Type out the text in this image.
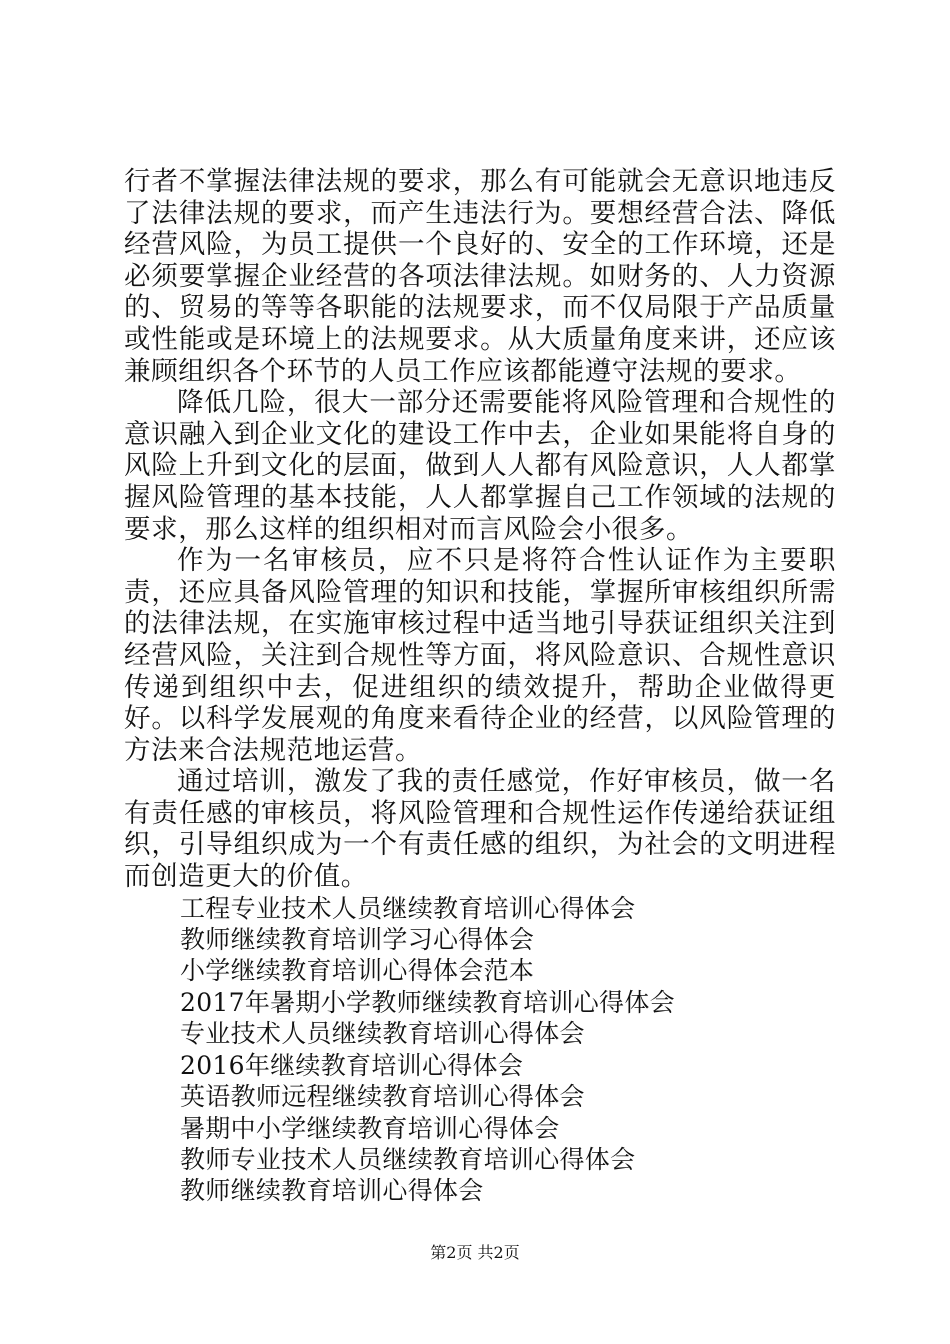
行者不掌握法律法规的要求，那么有可能就会无意识地违反了法律法规的要求，而产生违法行为。要想经营合法、降低经营风险，为员工提供一个良好的、安全的工作环境，还是必须要掌握企业经营的各项法律法规。如财务的、人力资源的、贸易的等等各职能的法规要求，而不仅局限于产品质量或性能或是环境上的法规要求。从大质量角度来讲，还应该兼顾组织各个环节的人员工作应该都能遵守法规的要求。

降低几险，很大一部分还需要能将风险管理和合规性的意识融入到企业文化的建设工作中去，企业如果能将自身的风险上升到文化的层面，做到人人都有风险意识，人人都掌握风险管理的基本技能，人人都掌握自己工作领域的法规的要求，那么这样的组织相对而言风险会小很多。

作为一名审核员，应不只是将符合性认证作为主要职责，还应具备风险管理的知识和技能，掌握所审核组织所需的法律法规，在实施审核过程中适当地引导获证组织关注到经营风险，关注到合规性等方面，将风险意识、合规性意识传递到组织中去，促进组织的绩效提升，帮助企业做得更好。以科学发展观的角度来看待企业的经营，以风险管理的方法来合法规范地运营。

通过培训，激发了我的责任感觉，作好审核员，做一名有责任感的审核员，将风险管理和合规性运作传递给获证组织，引导组织成为一个有责任感的组织，为社会的文明进程而创造更大的价值。

工程专业技术人员继续教育培训心得体会
教师继续教育培训学习心得体会
小学继续教育培训心得体会范本
2017年暑期小学教师继续教育培训心得体会
专业技术人员继续教育培训心得体会
2016年继续教育培训心得体会
英语教师远程继续教育培训心得体会
暑期中小学继续教育培训心得体会
教师专业技术人员继续教育培训心得体会
教师继续教育培训心得体会
第2页 共2页
